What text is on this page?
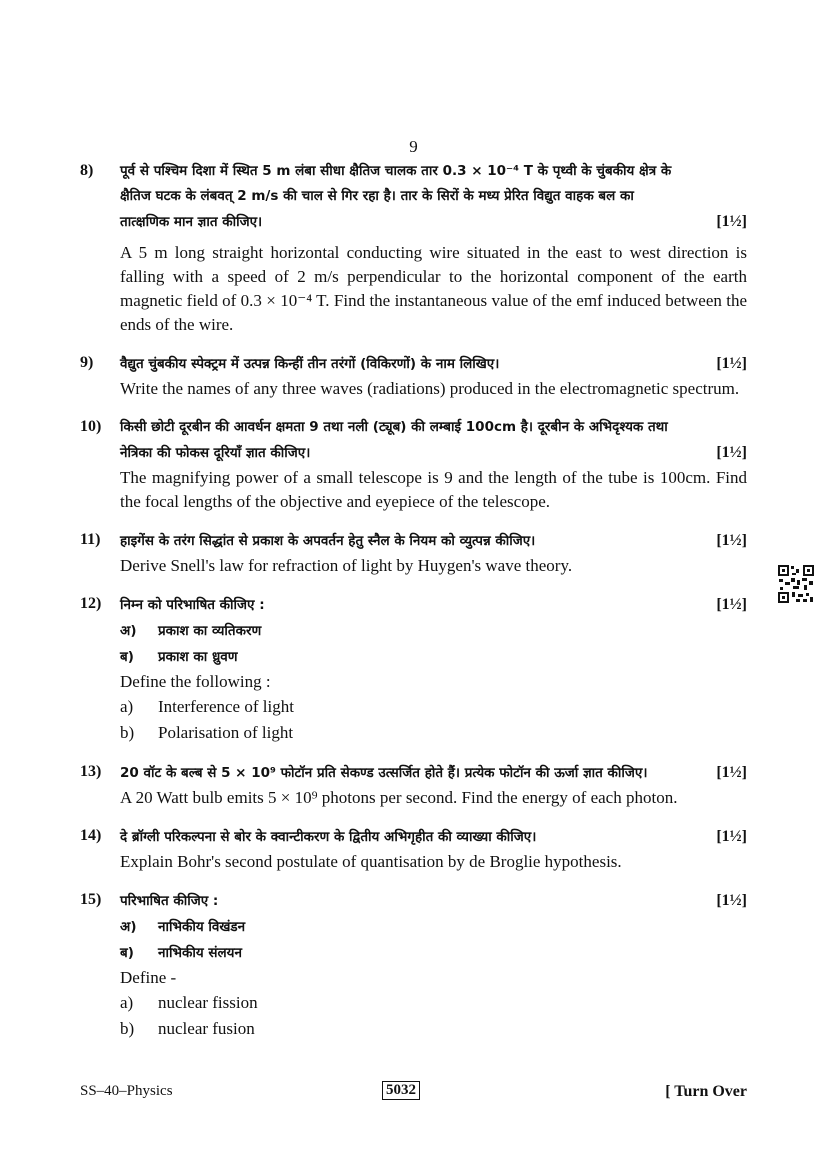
9
8) पूर्व से पश्चिम दिशा में स्थित 5 m लंबा सीधा क्षैतिज चालक तार 0.3 × 10⁻⁴ T के पृथ्वी के चुंबकीय क्षेत्र के
क्षैतिज घटक के लंबवत् 2 m/s की चाल से गिर रहा है। तार के सिरों के मध्य प्रेरित विद्युत वाहक बल का
तात्क्षणिक मान ज्ञात कीजिए।	[1½]
A 5 m long straight horizontal conducting wire situated in the east to west direction is falling with a speed of 2 m/s perpendicular to the horizontal component of the earth magnetic field of 0.3 × 10⁻⁴ T. Find the instantaneous value of the emf induced between the ends of the wire.
9) वैद्युत चुंबकीय स्पेक्ट्रम में उत्पन्न किन्हीं तीन तरंगों (विकिरणों) के नाम लिखिए।	[1½]
Write the names of any three waves (radiations) produced in the electromagnetic spectrum.
10) किसी छोटी दूरबीन की आवर्धन क्षमता 9 तथा नली (ट्यूब) की लम्बाई 100cm है। दूरबीन के अभिदृश्यक तथा
नेत्रिका की फोकस दूरियाँ ज्ञात कीजिए।	[1½]
The magnifying power of a small telescope is 9 and the length of the tube is 100cm. Find the focal lengths of the objective and eyepiece of the telescope.
11) हाइगेंस के तरंग सिद्धांत से प्रकाश के अपवर्तन हेतु स्नैल के नियम को व्युत्पन्न कीजिए।	[1½]
Derive Snell's law for refraction of light by Huygen's wave theory.
12) निम्न को परिभाषित कीजिए :	[1½]
अ)	प्रकाश का व्यतिकरण
ब)	प्रकाश का ध्रुवण
Define the following :
a)	Interference of light
b)	Polarisation of light
13) 20 वॉट के बल्ब से 5 × 10⁹ फोटॉन प्रति सेकण्ड उत्सर्जित होते हैं। प्रत्येक फोटॉन की ऊर्जा ज्ञात कीजिए।	[1½]
A 20 Watt bulb emits 5 × 10⁹ photons per second. Find the energy of each photon.
14) दे ब्रॉग्ली परिकल्पना से बोर के क्वान्टीकरण के द्वितीय अभिगृहीत की व्याख्या कीजिए।	[1½]
Explain Bohr's second postulate of quantisation by de Broglie hypothesis.
15) परिभाषित कीजिए :	[1½]
अ)	नाभिकीय विखंडन
ब)	नाभिकीय संलयन
Define -
a)	nuclear fission
b)	nuclear fusion
SS–40–Physics	5032	[ Turn Over
